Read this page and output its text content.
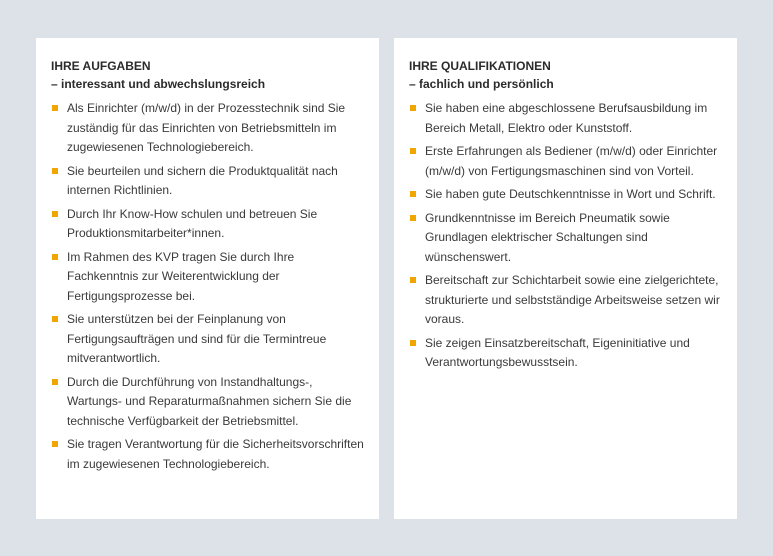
IHRE AUFGABEN
– interessant und abwechslungsreich
Als Einrichter (m/w/d) in der Prozesstechnik sind Sie zuständig für das Einrichten von Betriebsmitteln im zugewiesenen Technologiebereich.
Sie beurteilen und sichern die Produktqualität nach internen Richtlinien.
Durch Ihr Know-How schulen und betreuen Sie Produktionsmitarbeiter*innen.
Im Rahmen des KVP tragen Sie durch Ihre Fachkenntnis zur Weiterentwicklung der Fertigungsprozesse bei.
Sie unterstützen bei der Feinplanung von Fertigungsaufträgen und sind für die Termintreue mitverantwortlich.
Durch die Durchführung von Instandhaltungs-, Wartungs- und Reparaturmaßnahmen sichern Sie die technische Verfügbarkeit der Betriebsmittel.
Sie tragen Verantwortung für die Sicherheitsvorschriften im zugewiesenen Technologiebereich.
IHRE QUALIFIKATIONEN
– fachlich und persönlich
Sie haben eine abgeschlossene Berufsausbildung im Bereich Metall, Elektro oder Kunststoff.
Erste Erfahrungen als Bediener (m/w/d) oder Einrichter (m/w/d) von Fertigungsmaschinen sind von Vorteil.
Sie haben gute Deutschkenntnisse in Wort und Schrift.
Grundkenntnisse im Bereich Pneumatik sowie Grundlagen elektrischer Schaltungen sind wünschenswert.
Bereitschaft zur Schichtarbeit sowie eine zielgerichtete, strukturierte und selbstständige Arbeitsweise setzen wir voraus.
Sie zeigen Einsatzbereitschaft, Eigeninitiative und Verantwortungsbewusstsein.
